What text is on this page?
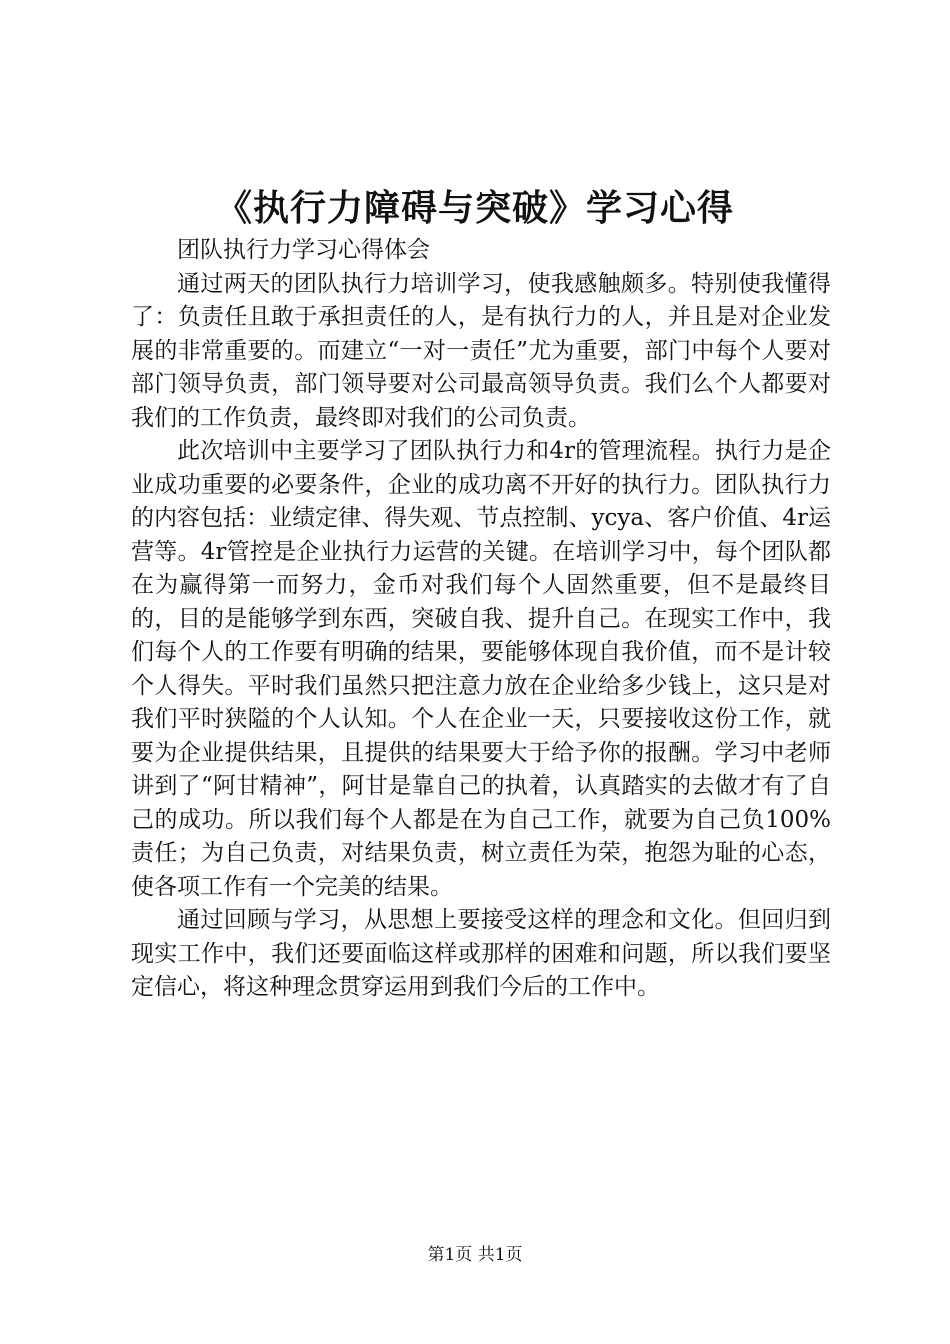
《执行力障碍与突破》学习心得

团队执行力学习心得体会

通过两天的团队执行力培训学习，使我感触颇多。特别使我懂得了：负责任且敢于承担责任的人，是有执行力的人，并且是对企业发展的非常重要的。而建立“一对一责任”尤为重要，部门中每个人要对部门领导负责，部门领导要对公司最高领导负责。我们么个人都要对我们的工作负责，最终即对我们的公司负责。

此次培训中主要学习了团队执行力和4r的管理流程。执行力是企业成功重要的必要条件，企业的成功离不开好的执行力。团队执行力的内容包括：业绩定律、得失观、节点控制、ycya、客户价值、4r运营等。4r管控是企业执行力运营的关键。在培训学习中，每个团队都在为赢得第一而努力，金币对我们每个人固然重要，但不是最终目的，目的是能够学到东西，突破自我、提升自己。在现实工作中，我们每个人的工作要有明确的结果，要能够体现自我价值，而不是计较个人得失。平时我们虽然只把注意力放在企业给多少钱上，这只是对我们平时狭隘的个人认知。个人在企业一天，只要接收这份工作，就要为企业提供结果，且提供的结果要大于给予你的报酬。学习中老师讲到了“阿甘精神”，阿甘是靠自己的执着，认真踏实的去做才有了自己的成功。所以我们每个人都是在为自己工作，就要为自己负100%责任；为自己负责，对结果负责，树立责任为荣，抱怨为耻的心态，使各项工作有一个完美的结果。

通过回顾与学习，从思想上要接受这样的理念和文化。但回归到现实工作中，我们还要面临这样或那样的困难和问题，所以我们要坚定信心，将这种理念贯穿运用到我们今后的工作中。

第1页 共1页
